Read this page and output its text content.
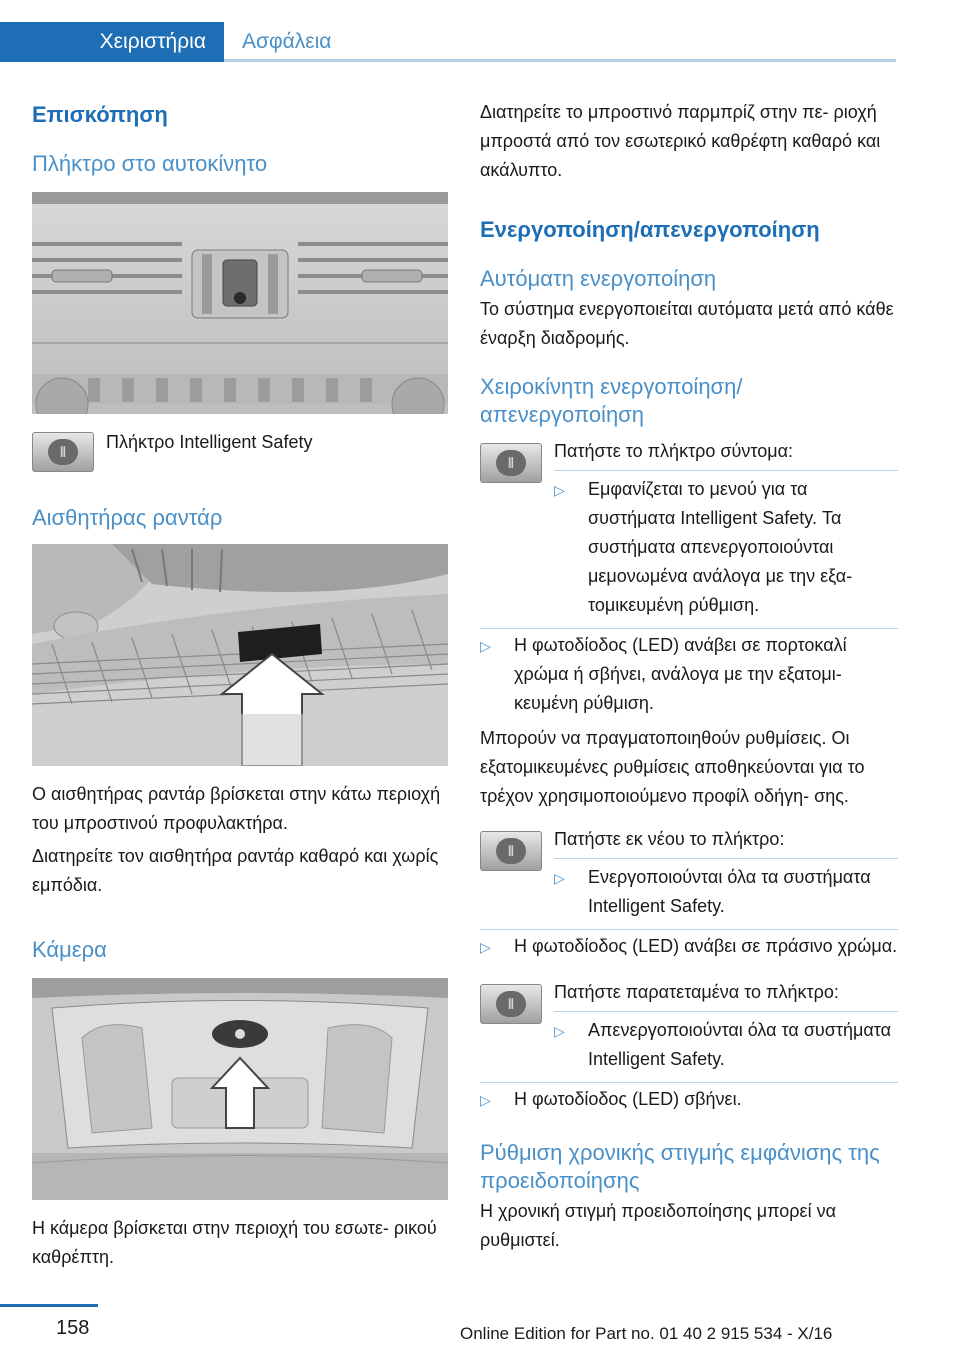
Χειριστήρια Ασφάλεια
Επισκόπηση
Πλήκτρο στο αυτοκίνητο
⦀ Πλήκτρο Intelligent Safety

Αισθητήρας ραντάρ

Ο αισθητήρας ραντάρ βρίσκεται στην κάτω περιοχή του μπροστινού προφυλακτήρα.

Διατηρείτε τον αισθητήρα ραντάρ καθαρό και χωρίς εμπόδια.

Κάμερα

Η κάμερα βρίσκεται στην περιοχή του εσωτε‐ ρικού καθρέπτη.

Διατηρείτε το μπροστινό παρμπρίζ στην πε‐ ριοχή μπροστά από τον εσωτερικό καθρέφτη καθαρό και ακάλυπτο.

Ενεργοποίηση/απενεργοποίηση
Αυτόματη ενεργοποίηση

Το σύστημα ενεργοποιείται αυτόματα μετά από κάθε έναρξη διαδρομής.

Χειροκίνητη ενεργοποίηση/ απενεργοποίηση
⦀

Πατήστε το πλήκτρο σύντομα:

▷	Εμφανίζεται το μενού για τα συστήματα Intelligent Safety. Τα συστήματα απενεργοποιούνται μεμονωμένα ανάλογα με την εξα‐ τομικευμένη ρύθμιση.
▷	Η φωτοδίοδος (LED) ανάβει σε πορτοκαλί χρώμα ή σβήνει, ανάλογα με την εξατομι‐ κευμένη ρύθμιση.

Μπορούν να πραγματοποιηθούν ρυθμίσεις. Οι εξατομικευμένες ρυθμίσεις αποθηκεύονται για το τρέχον χρησιμοποιούμενο προφίλ οδήγη‐ σης.

⦀

Πατήστε εκ νέου το πλήκτρο:

▷	Ενεργοποιούνται όλα τα συστήματα Intelligent Safety.
▷	Η φωτοδίοδος (LED) ανάβει σε πράσινο χρώμα.
⦀

Πατήστε παρατεταμένα το πλήκτρο:

▷	Απενεργοποιούνται όλα τα συστήματα Intelligent Safety.
▷	Η φωτοδίοδος (LED) σβήνει.
Ρύθμιση χρονικής στιγμής εμφάνισης της προειδοποίησης

Η χρονική στιγμή προειδοποίησης μπορεί να ρυθμιστεί.

158	Online Edition for Part no. 01 40 2 915 534 - X/16
